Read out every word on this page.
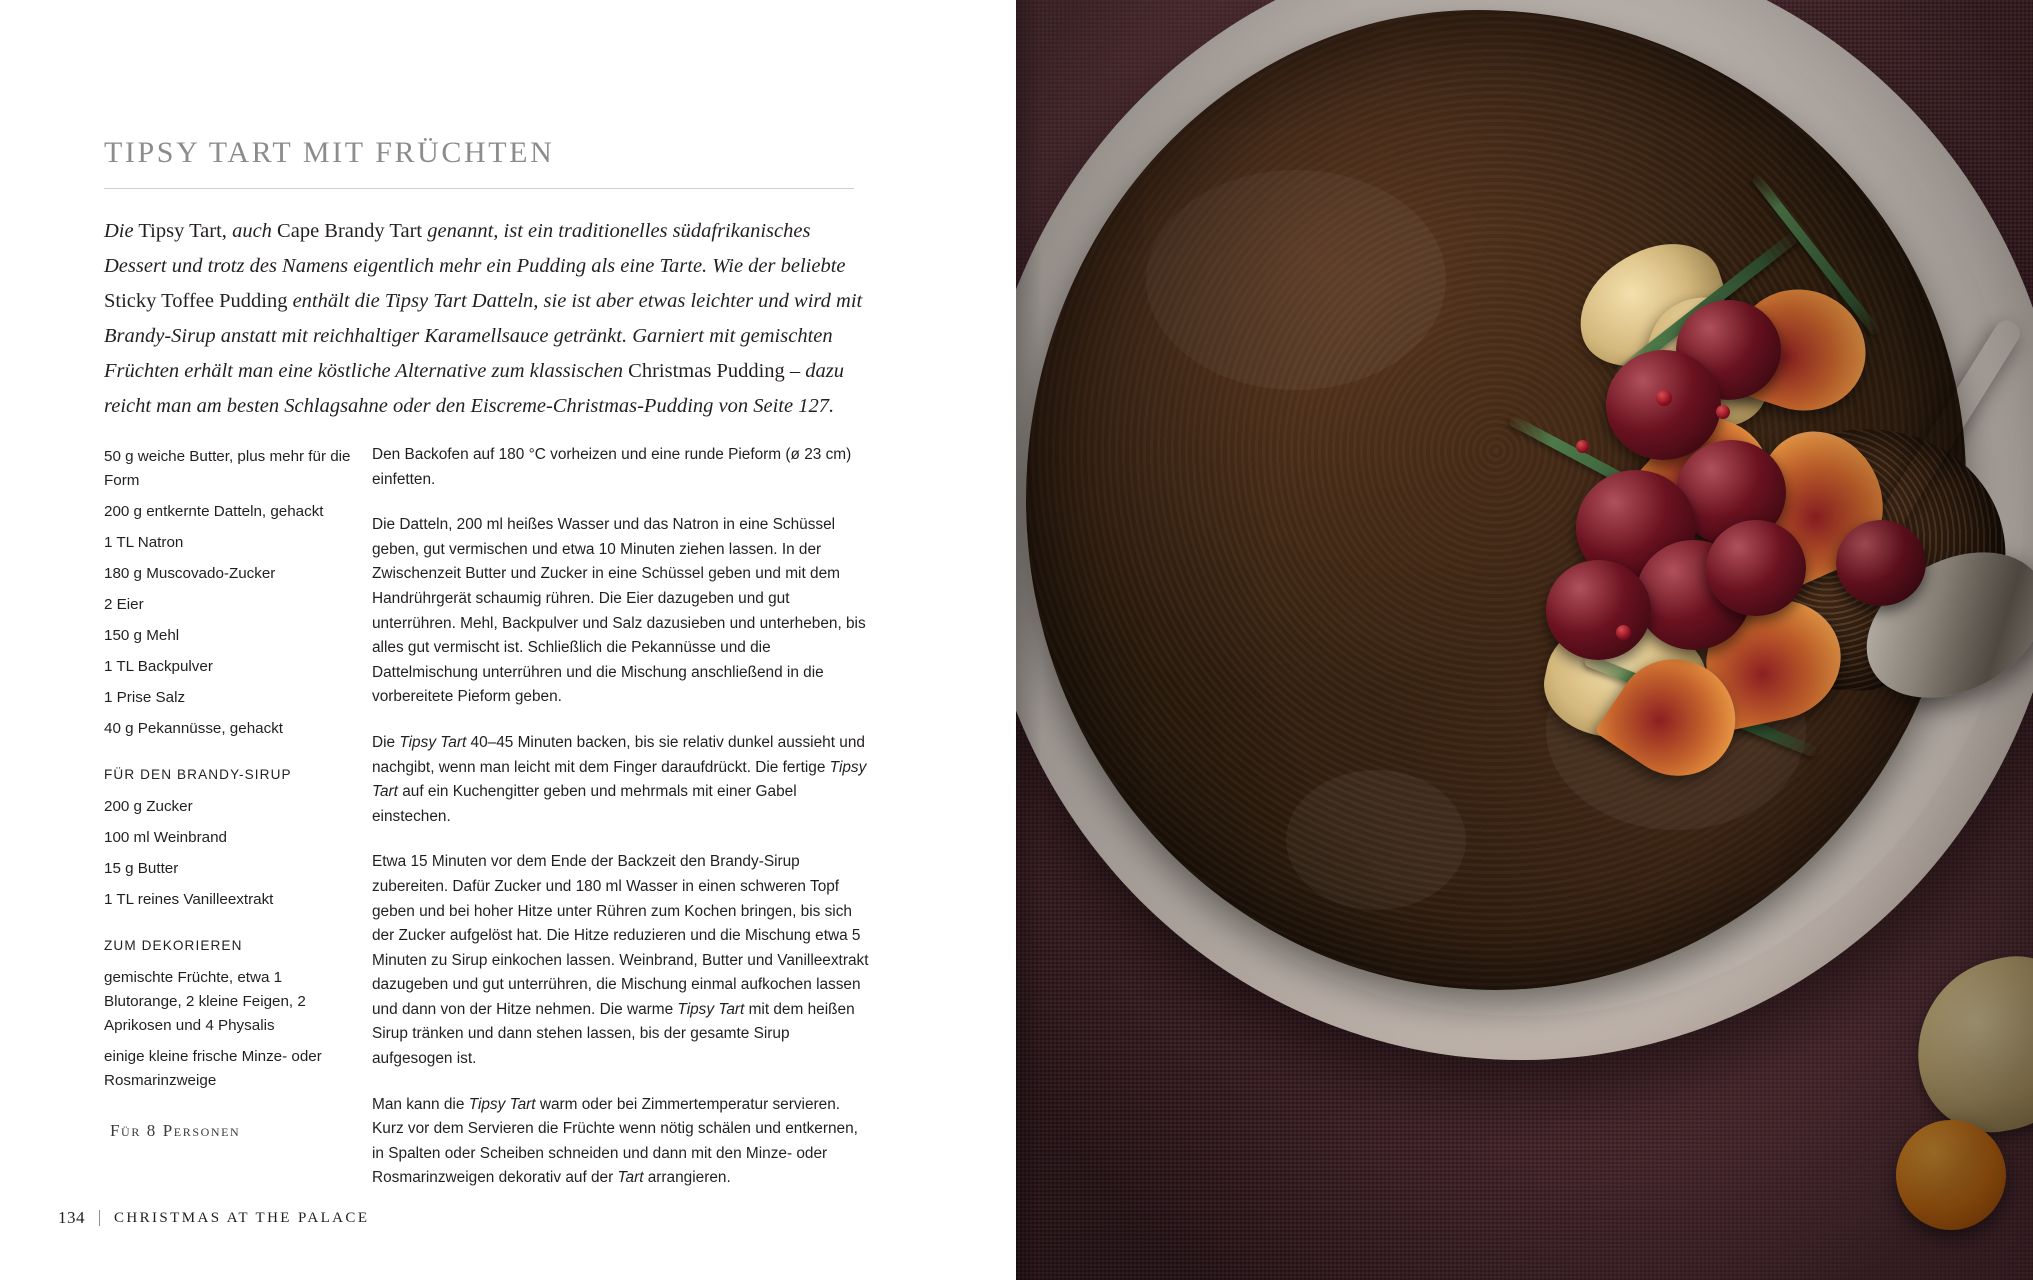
TIPSY TART MIT FRÜCHTEN
Die Tipsy Tart, auch Cape Brandy Tart genannt, ist ein traditionelles südafrikanisches Dessert und trotz des Namens eigentlich mehr ein Pudding als eine Tarte. Wie der beliebte Sticky Toffee Pudding enthält die Tipsy Tart Datteln, sie ist aber etwas leichter und wird mit Brandy-Sirup anstatt mit reichhaltiger Karamellsauce getränkt. Garniert mit gemischten Früchten erhält man eine köstliche Alternative zum klassischen Christmas Pudding – dazu reicht man am besten Schlagsahne oder den Eiscreme-Christmas-Pudding von Seite 127.
50 g weiche Butter, plus mehr für die Form
200 g entkernte Datteln, gehackt
1 TL Natron
180 g Muscovado-Zucker
2 Eier
150 g Mehl
1 TL Backpulver
1 Prise Salz
40 g Pekannüsse, gehackt
FÜR DEN BRANDY-SIRUP
200 g Zucker
100 ml Weinbrand
15 g Butter
1 TL reines Vanilleextrakt
ZUM DEKORIEREN
gemischte Früchte, etwa 1 Blutorange, 2 kleine Feigen, 2 Aprikosen und 4 Physalis
einige kleine frische Minze- oder Rosmarinzweige
Für 8 Personen

Den Backofen auf 180 °C vorheizen und eine runde Pieform (ø 23 cm) einfetten.

Die Datteln, 200 ml heißes Wasser und das Natron in eine Schüssel geben, gut vermischen und etwa 10 Minuten ziehen lassen. In der Zwischenzeit Butter und Zucker in eine Schüssel geben und mit dem Handrührgerät schaumig rühren. Die Eier dazugeben und gut unterrühren. Mehl, Backpulver und Salz dazusieben und unterheben, bis alles gut vermischt ist. Schließlich die Pekannüsse und die Dattelmischung unterrühren und die Mischung anschließend in die vorbereitete Pieform geben.

Die Tipsy Tart 40–45 Minuten backen, bis sie relativ dunkel aussieht und nachgibt, wenn man leicht mit dem Finger daraufdrückt. Die fertige Tipsy Tart auf ein Kuchengitter geben und mehrmals mit einer Gabel einstechen.

Etwa 15 Minuten vor dem Ende der Backzeit den Brandy-Sirup zubereiten. Dafür Zucker und 180 ml Wasser in einen schweren Topf geben und bei hoher Hitze unter Rühren zum Kochen bringen, bis sich der Zucker aufgelöst hat. Die Hitze reduzieren und die Mischung etwa 5 Minuten zu Sirup einkochen lassen. Weinbrand, Butter und Vanilleextrakt dazugeben und gut unterrühren, die Mischung einmal aufkochen lassen und dann von der Hitze nehmen. Die warme Tipsy Tart mit dem heißen Sirup tränken und dann stehen lassen, bis der gesamte Sirup aufgesogen ist.

Man kann die Tipsy Tart warm oder bei Zimmertemperatur servieren. Kurz vor dem Servieren die Früchte wenn nötig schälen und entkernen, in Spalten oder Scheiben schneiden und dann mit den Minze- oder Rosmarinzweigen dekorativ auf der Tart arrangieren.

134 CHRISTMAS AT THE PALACE
